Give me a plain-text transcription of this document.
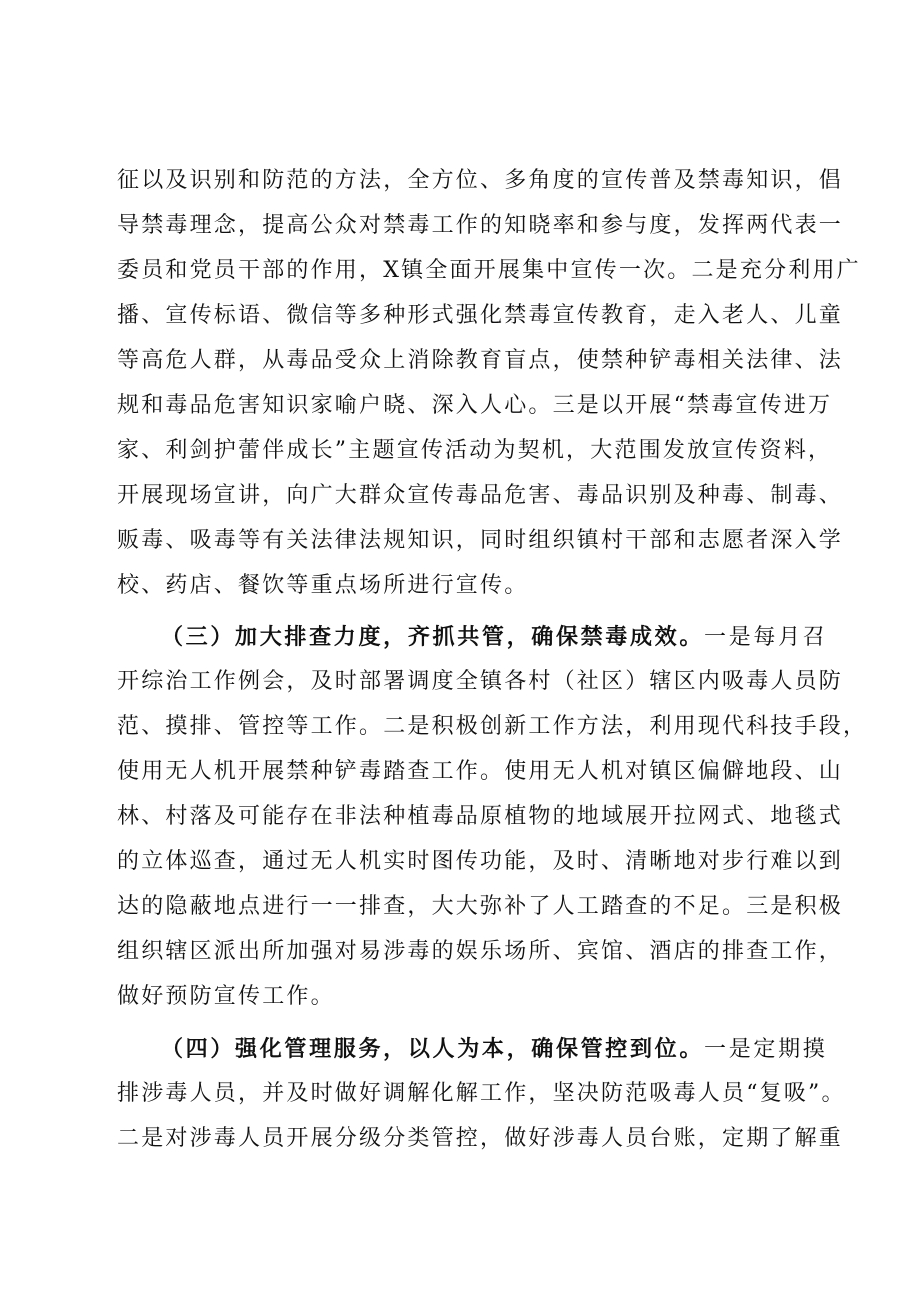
征以及识别和防范的方法，全方位、多角度的宣传普及禁毒知识，倡
导禁毒理念，提高公众对禁毒工作的知晓率和参与度，发挥两代表一
委员和党员干部的作用，X镇全面开展集中宣传一次。二是充分利用广
播、宣传标语、微信等多种形式强化禁毒宣传教育，走入老人、儿童
等高危人群，从毒品受众上消除教育盲点，使禁种铲毒相关法律、法
规和毒品危害知识家喻户晓、深入人心。三是以开展“禁毒宣传进万
家、利剑护蕾伴成长”主题宣传活动为契机，大范围发放宣传资料，
开展现场宣讲，向广大群众宣传毒品危害、毒品识别及种毒、制毒、
贩毒、吸毒等有关法律法规知识，同时组织镇村干部和志愿者深入学
校、药店、餐饮等重点场所进行宣传。
（三）加大排查力度，齐抓共管，确保禁毒成效。一是每月召
开综治工作例会，及时部署调度全镇各村（社区）辖区内吸毒人员防
范、摸排、管控等工作。二是积极创新工作方法，利用现代科技手段，
使用无人机开展禁种铲毒踏查工作。使用无人机对镇区偏僻地段、山
林、村落及可能存在非法种植毒品原植物的地域展开拉网式、地毯式
的立体巡查，通过无人机实时图传功能，及时、清晰地对步行难以到
达的隐蔽地点进行一一排查，大大弥补了人工踏查的不足。三是积极
组织辖区派出所加强对易涉毒的娱乐场所、宾馆、酒店的排查工作，
做好预防宣传工作。
（四）强化管理服务，以人为本，确保管控到位。一是定期摸
排涉毒人员，并及时做好调解化解工作，坚决防范吸毒人员“复吸”。
二是对涉毒人员开展分级分类管控，做好涉毒人员台账，定期了解重
